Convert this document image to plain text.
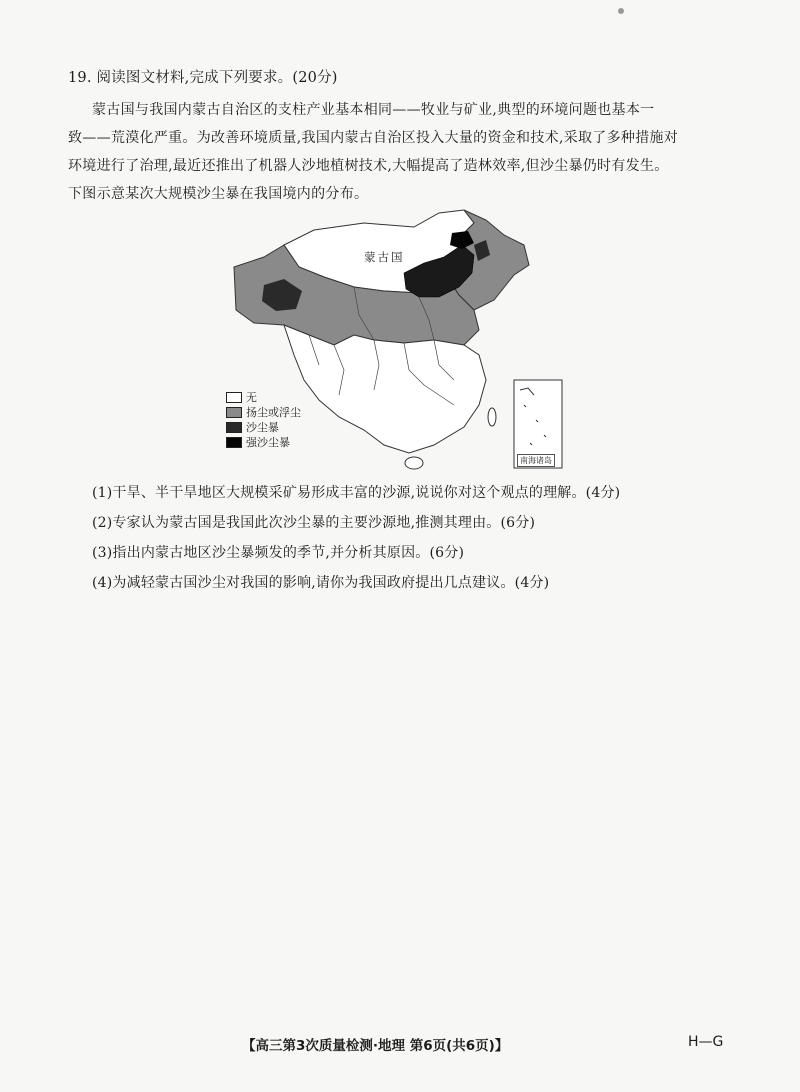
19. 阅读图文材料,完成下列要求。(20分)

蒙古国与我国内蒙古自治区的支柱产业基本相同——牧业与矿业,典型的环境问题也基本一

致——荒漠化严重。为改善环境质量,我国内蒙古自治区投入大量的资金和技术,采取了多种措施对

环境进行了治理,最近还推出了机器人沙地植树技术,大幅提高了造林效率,但沙尘暴仍时有发生。

下图示意某次大规模沙尘暴在我国境内的分布。

蒙古国
南海诸岛
无
扬尘或浮尘
沙尘暴
强沙尘暴
(1)干旱、半干旱地区大规模采矿易形成丰富的沙源,说说你对这个观点的理解。(4分)
(2)专家认为蒙古国是我国此次沙尘暴的主要沙源地,推测其理由。(6分)
(3)指出内蒙古地区沙尘暴频发的季节,并分析其原因。(6分)
(4)为减轻蒙古国沙尘对我国的影响,请你为我国政府提出几点建议。(4分)
【高三第3次质量检测·地理 第6页(共6页)】	H—G
